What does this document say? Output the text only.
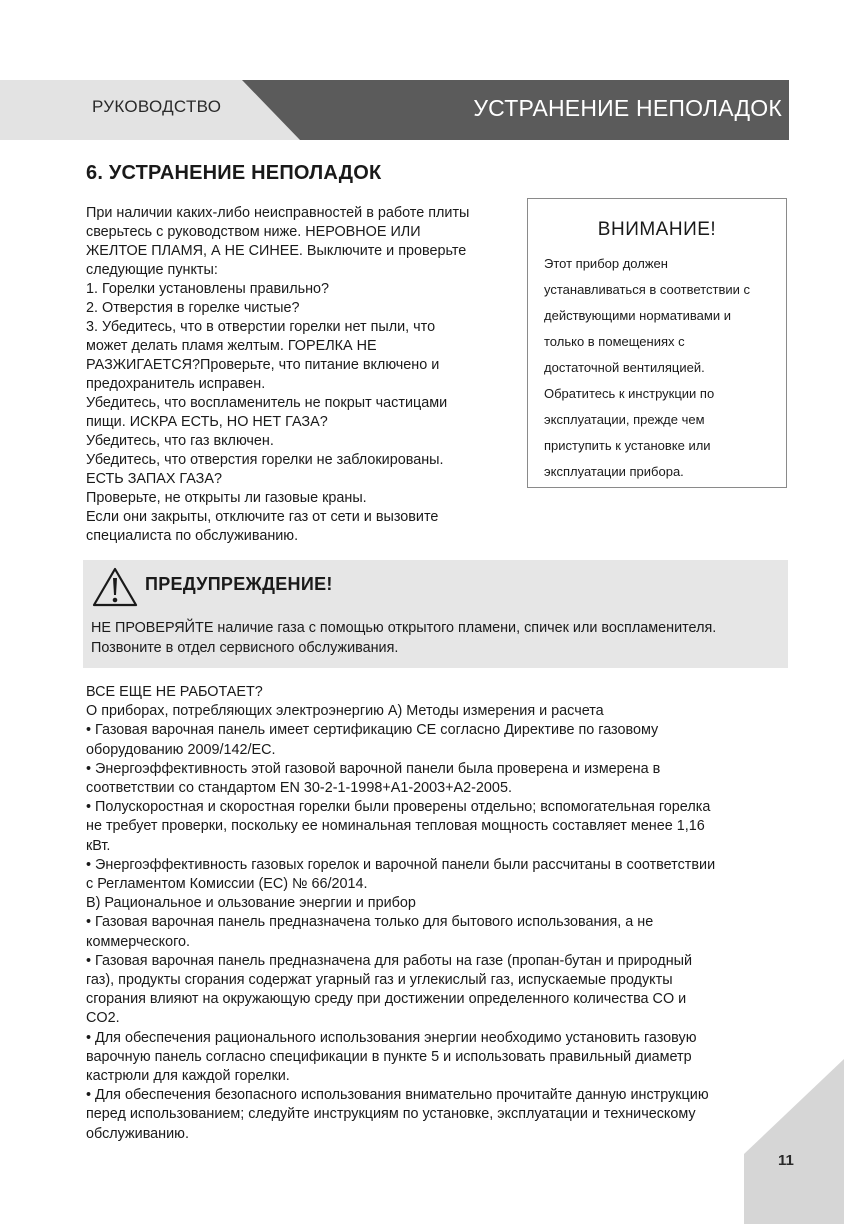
РУКОВОДСТВО	УСТРАНЕНИЕ НЕПОЛАДОК
6. УСТРАНЕНИЕ НЕПОЛАДОК
При наличии каких-либо неисправностей в работе плиты
сверьтесь с руководством ниже. НЕРОВНОЕ ИЛИ
ЖЕЛТОЕ ПЛАМЯ, А НЕ СИНЕЕ. Выключите и проверьте
следующие пункты:
1. Горелки установлены правильно?
2. Отверстия в горелке чистые?
3. Убедитесь, что в отверстии горелки нет пыли, что
может делать пламя желтым. ГОРЕЛКА НЕ
РАЗЖИГАЕТСЯ?Проверьте, что питание включено и
предохранитель исправен.
Убедитесь, что воспламенитель не покрыт частицами
пищи. ИСКРА ЕСТЬ, НО НЕТ ГАЗА?
Убедитесь, что газ включен.
Убедитесь, что отверстия горелки не заблокированы.
ЕСТЬ ЗАПАХ ГАЗА?
Проверьте, не открыты ли газовые краны.
Если они закрыты, отключите газ от сети и вызовите
специалиста по обслуживанию.
ВНИМАНИЕ!
Этот прибор должен
устанавливаться в соответствии с
действующими нормативами и
только в помещениях с
достаточной вентиляцией.
Обратитесь к инструкции по
эксплуатации, прежде чем
приступить к установке или
эксплуатации прибора.
ПРЕДУПРЕЖДЕНИЕ!
НЕ ПРОВЕРЯЙТЕ наличие газа с помощью открытого пламени, спичек или воспламенителя.
Позвоните в отдел сервисного обслуживания.
ВСЕ ЕЩЕ НЕ РАБОТАЕТ?
О приборах, потребляющих электроэнергию А) Методы измерения и расчета
• Газовая варочная панель имеет сертификацию CE согласно Директиве по газовому
оборудованию 2009/142/EC.
• Энергоэффективность этой газовой варочной панели была проверена и измерена в
соответствии со стандартом EN 30-2-1-1998+A1-2003+A2-2005.
• Полускоростная и скоростная горелки были проверены отдельно; вспомогательная горелка
не требует проверки, поскольку ее номинальная тепловая мощность составляет менее 1,16
кВт.
• Энергоэффективность газовых горелок и варочной панели были рассчитаны в соответствии
с Регламентом Комиссии (ЕС) № 66/2014.
В) Рациональное и ользование энергии и прибор
• Газовая варочная панель предназначена только для бытового использования, а не
коммерческого.
• Газовая варочная панель предназначена для работы на газе (пропан-бутан и природный
газ), продукты сгорания содержат угарный газ и углекислый газ, испускаемые продукты
сгорания влияют на окружающую среду при достижении определенного количества CO и
CO2.
• Для обеспечения рационального использования энергии необходимо установить газовую
варочную панель согласно спецификации в пункте 5 и использовать правильный диаметр
кастрюли для каждой горелки.
• Для обеспечения безопасного использования внимательно прочитайте данную инструкцию
перед использованием; следуйте инструкциям по установке, эксплуатации и техническому
обслуживанию.
11
